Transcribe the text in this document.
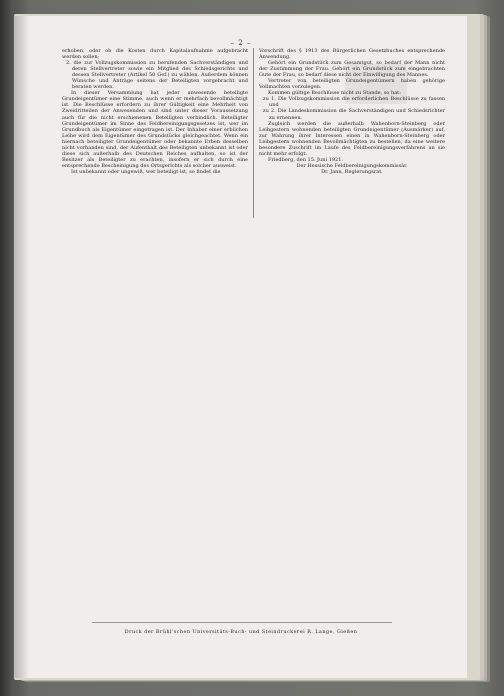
– 2 –

erhoben, oder ob die Kosten durch Kapitalaufnahme aufgebracht werden sollen;

2. die zur Vollzugskommission zu berufenden Sachverständigen und deren Stellvertreter sowie ein Mitglied des Schiedsgerichts und dessen Stellvertreter (Artikel 50 Gef.) zu wählen. Außerdem können Wünsche und Anträge seitens der Beteiligten vorgebracht und beraten werden.

In dieser Versammlung hat jeder anwesende beteiligte Grundeigentümer eine Stimme, auch wenn er mehrfach bevollmächtigt ist. Die Beschlüsse erfordern zu ihrer Gültigkeit eine Mehrheit von Zweidritteilen der Anwesenden und sind unter dieser Voraussetzung auch für die nicht erschienenen Beteiligten verbindlich. Beteiligter Grundeigentümer im Sinne des Feldbereinigungsgesetzes ist, wer im Grundbuch als Eigentümer eingetragen ist. Der Inhaber einer erblichen Leihe wird dem Eigentümer des Grundstücks gleichgeachtet. Wenn ein hiernach beteiligter Grundeigentümer oder bekannte Erben desselben nicht vorhanden sind, der Aufenthalt des Beteiligten unbekannt ist oder diese sich außerhalb des Deutschen Reiches aufhalten, so ist der Besitzer als Beteiligter zu erachten, insofern er sich durch eine entsprechende Bescheinigung des Ortsgerichts als solcher ausweist.

Ist unbekannt oder ungewiß, wer beteiligt ist, so findet die

Vorschrift des § 1913 des Bürgerlichen Gesetzbuches entsprechende Anwendung.

Gehört ein Grundstück zum Gesamtgut, so bedarf der Mann nicht der Zustimmung der Frau. Gehört ein Grundstück zum eingebrachten Gute der Frau, so bedarf diese nicht der Einwilligung des Mannes.

Vertreter von beteiligten Grundeigentümern haben gehörige Vollmachten vorzulegen.

Kommen gültige Beschlüsse nicht zu Stande, so hat:

zu 1. Die Vollzugskommission die erforderlichen Beschlüsse zu fassen und

zu 2. Die Landeskommission die Sachverständigen und Schiedsrichter zu ernennen.

Zugleich werden die außerhalb Wahenborn-Steinberg oder Leihgestern wohnenden beteiligten Grundeigentümer (Ausmärker) auf, zur Wahrung ihrer Interessen einen in Wahenborn-Steinberg oder Leihgestern wohnenden Bevollmächtigten zu bestellen, da eine weitere besondere Zuschrift im Laufe des Feldbereinigungsverfahrens an sie nicht mehr erfolgt.

Friedberg, den 15. Juni 1921.

Der Hessische Feldbereinigungskommissär.

Dr. Jann, Regierungsrat.

Druck der Brühl'schen Universitäts-Buch- und Steindruckerei R. Lange, Gießen
